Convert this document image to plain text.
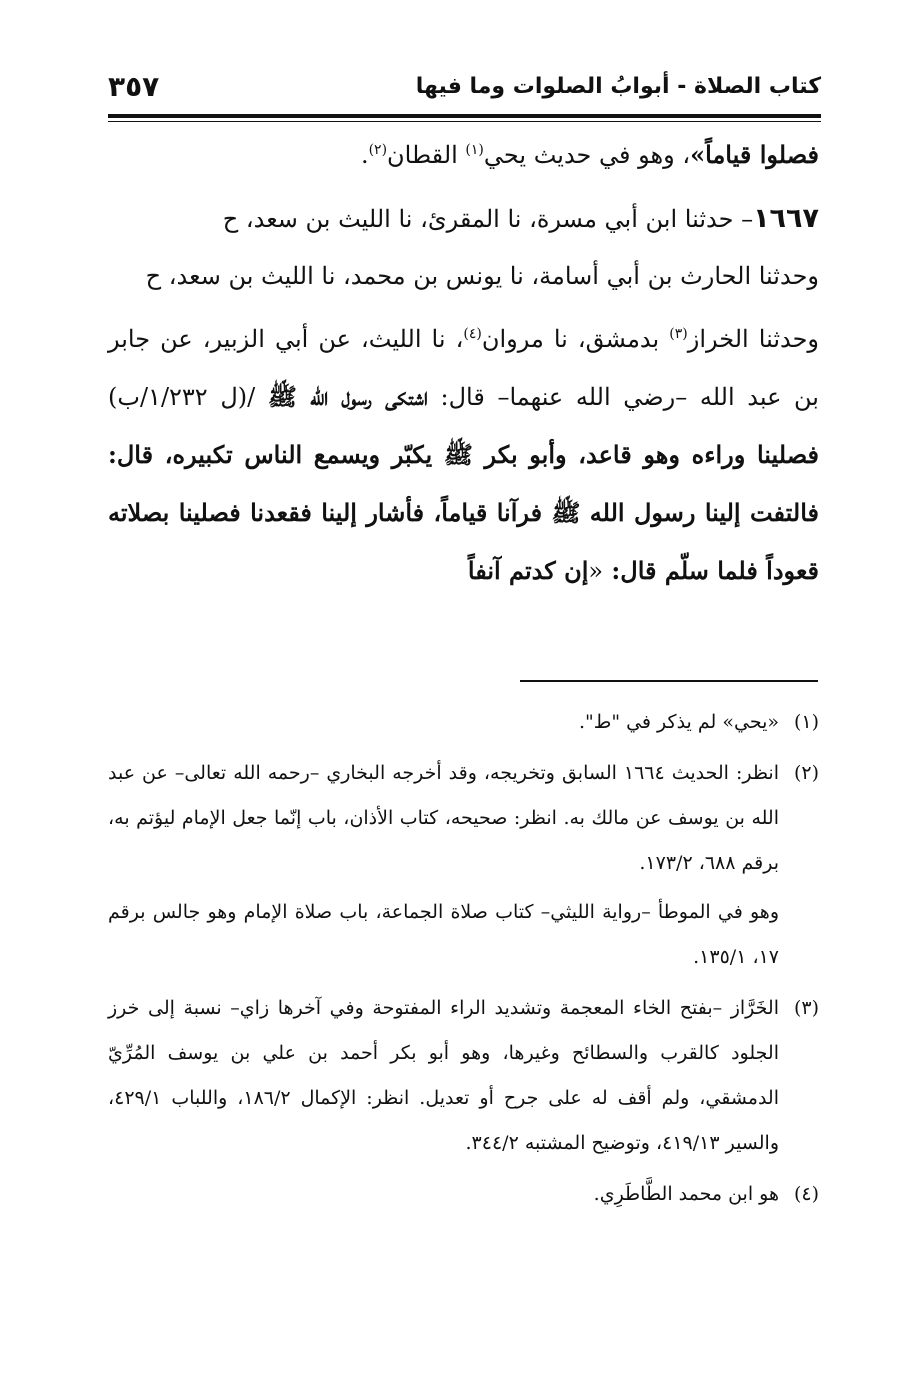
كتاب الصلاة - أبوابُ الصلوات وما فيها
٣٥٧

فصلوا قياماً»، وهو في حديث يحي$^{(١)}$ القطان$^{(٢)}$.

١٦٦٧– حدثنا ابن أبي مسرة، نا المقرئ، نا الليث بن سعد، ح

وحدثنا الحارث بن أبي أسامة، نا يونس بن محمد، نا الليث بن سعد، ح

وحدثنا الخراز$^{(٣)}$ بدمشق، نا مروان$^{(٤)}$، نا الليث، عن أبي الزبير، عن جابر بن عبد الله –رضي الله عنهما– قال: اشتكى رسول الله ﷺ /(ل ١/٢٣٢/ب) فصلينا وراءه وهو قاعد، وأبو بكر ﷺ يكبّر ويسمع الناس تكبيره، قال: فالتفت إلينا رسول الله ﷺ فرآنا قياماً، فأشار إلينا فقعدنا فصلينا بصلاته قعوداً فلما سلّم قال: «إن كدتم آنفاً

(١)

«يحي» لم يذكر في "ط".

(٢)

انظر: الحديث ١٦٦٤ السابق وتخريجه، وقد أخرجه البخاري –رحمه الله تعالى– عن عبد الله بن يوسف عن مالك به. انظر: صحيحه، كتاب الأذان، باب إنّما جعل الإمام ليؤتم به، برقم ٦٨٨، ١٧٣/٢.

وهو في الموطأ –رواية الليثي– كتاب صلاة الجماعة، باب صلاة الإمام وهو جالس برقم ١٧، ١٣٥/١.

(٣)

الخَرَّاز –بفتح الخاء المعجمة وتشديد الراء المفتوحة وفي آخرها زاي– نسبة إلى خرز الجلود كالقرب والسطائح وغيرها، وهو أبو بكر أحمد بن علي بن يوسف المُرِّيّ الدمشقي، ولم أقف له على جرح أو تعديل. انظر: الإكمال ١٨٦/٢، واللباب ٤٢٩/١، والسير ٤١٩/١٣، وتوضيح المشتبه ٣٤٤/٢.

(٤)

هو ابن محمد الطَّاطَرِي.
